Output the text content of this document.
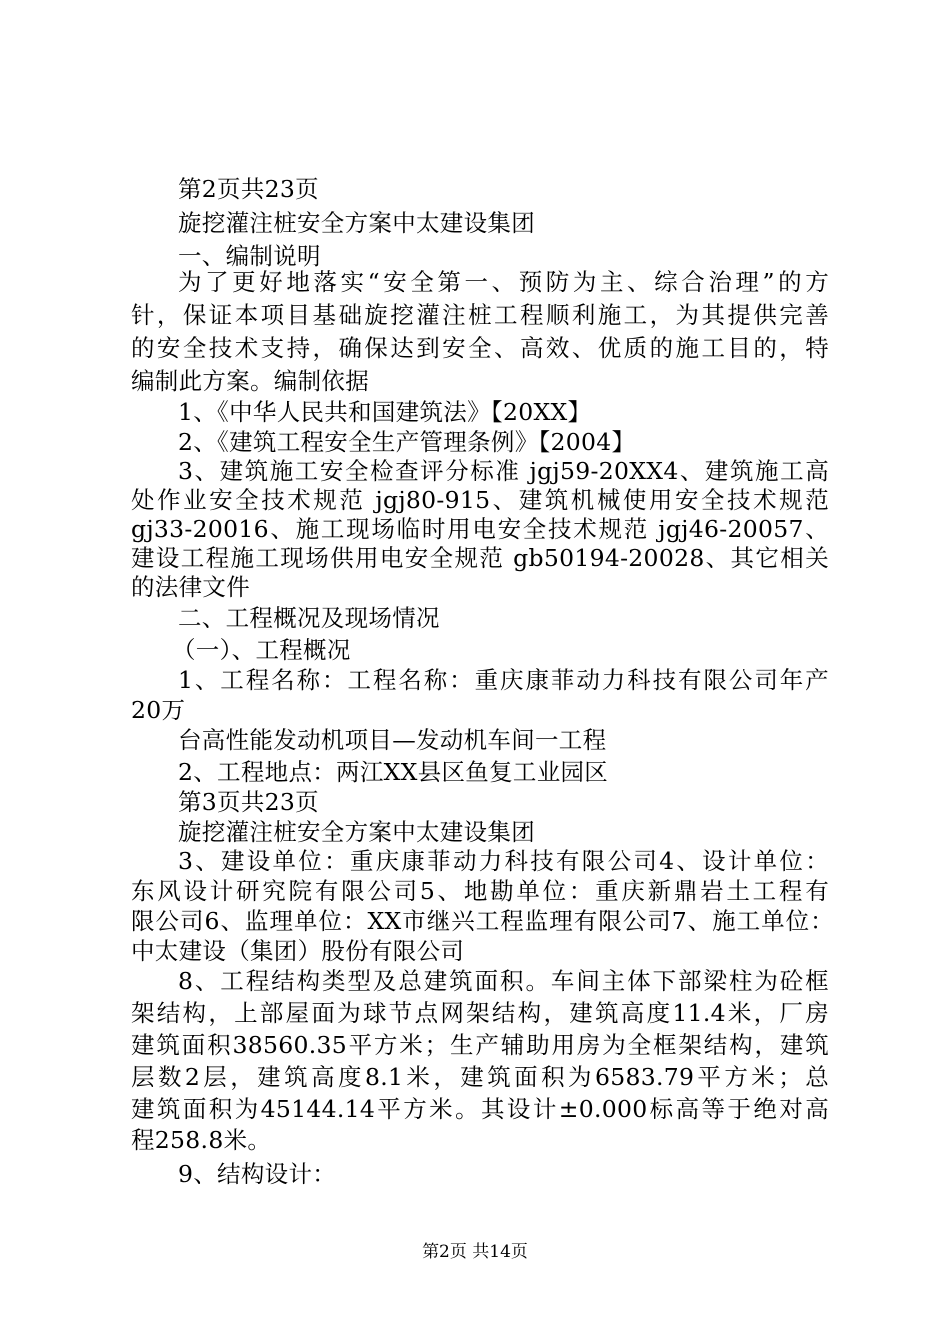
第2页共23页
旋挖灌注桩安全方案中太建设集团
一、编制说明
为了更好地落实“安全第一、预防为主、综合治理”的方
针，保证本项目基础旋挖灌注桩工程顺利施工，为其提供完善
的安全技术支持，确保达到安全、高效、优质的施工目的，特
编制此方案。编制依据
1、《中华人民共和国建筑法》【20XX】
2、《建筑工程安全生产管理条例》【2004】
3、建筑施工安全检查评分标准 jgj59-20XX4、建筑施工高
处作业安全技术规范 jgj80-915、建筑机械使用安全技术规范
gj33-20016、施工现场临时用电安全技术规范 jgj46-20057、
建设工程施工现场供用电安全规范 gb50194-20028、其它相关
的法律文件
二、工程概况及现场情况
（一）、工程概况
1、工程名称：工程名称：重庆康菲动力科技有限公司年产
20万
台高性能发动机项目—发动机车间一工程
2、工程地点：两江XX县区鱼复工业园区
第3页共23页
旋挖灌注桩安全方案中太建设集团
3、建设单位：重庆康菲动力科技有限公司4、设计单位：
东风设计研究院有限公司5、地勘单位：重庆新鼎岩土工程有
限公司6、监理单位：XX市继兴工程监理有限公司7、施工单位：
中太建设（集团）股份有限公司
8、工程结构类型及总建筑面积。车间主体下部梁柱为砼框
架结构，上部屋面为球节点网架结构，建筑高度11.4米，厂房
建筑面积38560.35平方米；生产辅助用房为全框架结构，建筑
层数2层，建筑高度8.1米，建筑面积为6583.79平方米；总
建筑面积为45144.14平方米。其设计±0.000标高等于绝对高
程258.8米。
9、结构设计：
第2页 共14页
